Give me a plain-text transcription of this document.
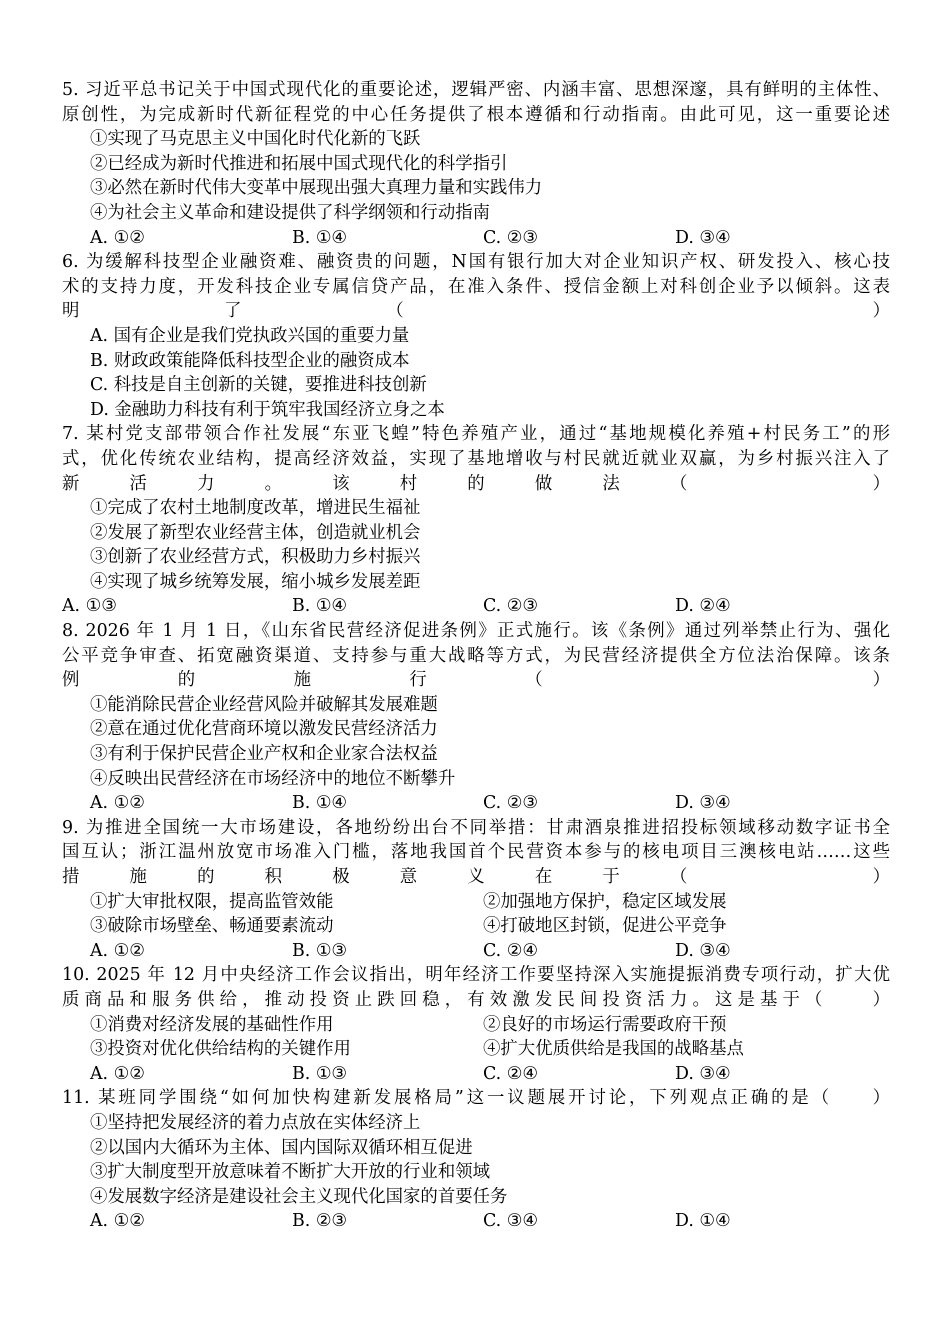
5. 习近平总书记关于中国式现代化的重要论述，逻辑严密、内涵丰富、思想深邃，具有鲜明的主体性、
原创性，为完成新时代新征程党的中心任务提供了根本遵循和行动指南。由此可见，这一重要论述
①实现了马克思主义中国化时代化新的飞跃
②已经成为新时代推进和拓展中国式现代化的科学指引
③必然在新时代伟大变革中展现出强大真理力量和实践伟力
④为社会主义革命和建设提供了科学纲领和行动指南
A. ①②	B. ①④	C. ②③	D. ③④
6. 为缓解科技型企业融资难、融资贵的问题，N国有银行加大对企业知识产权、研发投入、核心技
术的支持力度，开发科技企业专属信贷产品，在准入条件、授信金额上对科创企业予以倾斜。这表
明了（　　）
A. 国有企业是我们党执政兴国的重要力量
B. 财政政策能降低科技型企业的融资成本
C. 科技是自主创新的关键，要推进科技创新
D. 金融助力科技有利于筑牢我国经济立身之本
7. 某村党支部带领合作社发展“东亚飞蝗”特色养殖产业，通过“基地规模化养殖+村民务工”的形
式，优化传统农业结构，提高经济效益，实现了基地增收与村民就近就业双赢，为乡村振兴注入了
新活力。该村的做法（　　）
①完成了农村土地制度改革，增进民生福祉
②发展了新型农业经营主体，创造就业机会
③创新了农业经营方式，积极助力乡村振兴
④实现了城乡统筹发展，缩小城乡发展差距
A. ①③	B. ①④	C. ②③	D. ②④
8. 2026 年 1 月 1 日，《山东省民营经济促进条例》正式施行。该《条例》通过列举禁止行为、强化
公平竞争审查、拓宽融资渠道、支持参与重大战略等方式，为民营经济提供全方位法治保障。该条
例的施行（　　）
①能消除民营企业经营风险并破解其发展难题
②意在通过优化营商环境以激发民营经济活力
③有利于保护民营企业产权和企业家合法权益
④反映出民营经济在市场经济中的地位不断攀升
A. ①②	B. ①④	C. ②③	D. ③④
9. 为推进全国统一大市场建设，各地纷纷出台不同举措：甘肃酒泉推进招投标领域移动数字证书全
国互认；浙江温州放宽市场准入门槛，落地我国首个民营资本参与的核电项目三澳核电站……这些
措施的积极意义在于（　　）
①扩大审批权限，提高监管效能	②加强地方保护，稳定区域发展
③破除市场壁垒、畅通要素流动	④打破地区封锁，促进公平竞争
A. ①②	B. ①③	C. ②④	D. ③④
10. 2025 年 12 月中央经济工作会议指出，明年经济工作要坚持深入实施提振消费专项行动，扩大优
质商品和服务供给，推动投资止跌回稳，有效激发民间投资活力。这是基于（　　）
①消费对经济发展的基础性作用	②良好的市场运行需要政府干预
③投资对优化供给结构的关键作用	④扩大优质供给是我国的战略基点
A. ①②	B. ①③	C. ②④	D. ③④
11. 某班同学围绕“如何加快构建新发展格局”这一议题展开讨论，下列观点正确的是（　　）
①坚持把发展经济的着力点放在实体经济上
②以国内大循环为主体、国内国际双循环相互促进
③扩大制度型开放意味着不断扩大开放的行业和领域
④发展数字经济是建设社会主义现代化国家的首要任务
A. ①②	B. ②③	C. ③④	D. ①④
